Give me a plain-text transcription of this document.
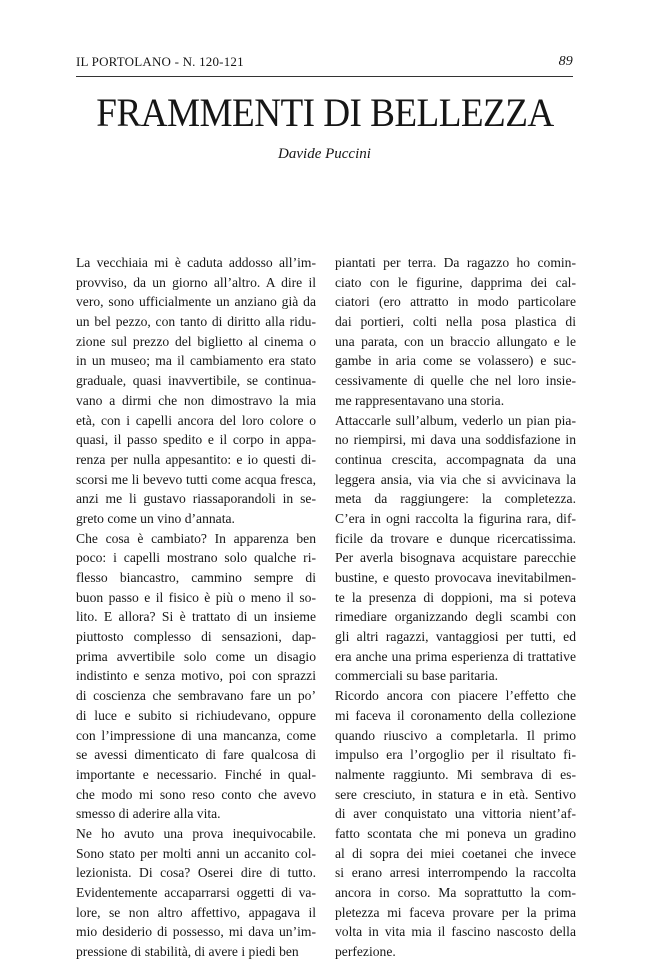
IL PORTOLANO - N. 120-121	89
FRAMMENTI DI BELLEZZA
Davide Puccini
La vecchiaia mi è caduta addosso all’im-
provviso, da un giorno all’altro. A dire il
vero, sono ufficialmente un anziano già da
un bel pezzo, con tanto di diritto alla ridu-
zione sul prezzo del biglietto al cinema o
in un museo; ma il cambiamento era stato
graduale, quasi inavvertibile, se continua-
vano a dirmi che non dimostravo la mia
età, con i capelli ancora del loro colore o
quasi, il passo spedito e il corpo in appa-
renza per nulla appesantito: e io questi di-
scorsi me li bevevo tutti come acqua fresca,
anzi me li gustavo riassaporandoli in se-
greto come un vino d’annata.
Che cosa è cambiato? In apparenza ben
poco: i capelli mostrano solo qualche ri-
flesso biancastro, cammino sempre di
buon passo e il fisico è più o meno il so-
lito. E allora? Si è trattato di un insieme
piuttosto complesso di sensazioni, dap-
prima avvertibile solo come un disagio
indistinto e senza motivo, poi con sprazzi
di coscienza che sembravano fare un po’
di luce e subito si richiudevano, oppure
con l’impressione di una mancanza, come
se avessi dimenticato di fare qualcosa di
importante e necessario. Finché in qual-
che modo mi sono reso conto che avevo
smesso di aderire alla vita.
Ne ho avuto una prova inequivocabile.
Sono stato per molti anni un accanito col-
lezionista. Di cosa? Oserei dire di tutto.
Evidentemente accaparrarsi oggetti di va-
lore, se non altro affettivo, appagava il
mio desiderio di possesso, mi dava un’im-
pressione di stabilità, di avere i piedi ben
piantati per terra. Da ragazzo ho comin-
ciato con le figurine, dapprima dei cal-
ciatori (ero attratto in modo particolare
dai portieri, colti nella posa plastica di
una parata, con un braccio allungato e le
gambe in aria come se volassero) e suc-
cessivamente di quelle che nel loro insie-
me rappresentavano una storia.
Attaccarle sull’album, vederlo un pian pia-
no riempirsi, mi dava una soddisfazione in
continua crescita, accompagnata da una
leggera ansia, via via che si avvicinava la
meta da raggiungere: la completezza.
C’era in ogni raccolta la figurina rara, dif-
ficile da trovare e dunque ricercatissima.
Per averla bisognava acquistare parecchie
bustine, e questo provocava inevitabilmen-
te la presenza di doppioni, ma si poteva
rimediare organizzando degli scambi con
gli altri ragazzi, vantaggiosi per tutti, ed
era anche una prima esperienza di trattative
commerciali su base paritaria.
Ricordo ancora con piacere l’effetto che
mi faceva il coronamento della collezione
quando riuscivo a completarla. Il primo
impulso era l’orgoglio per il risultato fi-
nalmente raggiunto. Mi sembrava di es-
sere cresciuto, in statura e in età. Sentivo
di aver conquistato una vittoria nient’af-
fatto scontata che mi poneva un gradino
al di sopra dei miei coetanei che invece
si erano arresi interrompendo la raccolta
ancora in corso. Ma soprattutto la com-
pletezza mi faceva provare per la prima
volta in vita mia il fascino nascosto della
perfezione.
